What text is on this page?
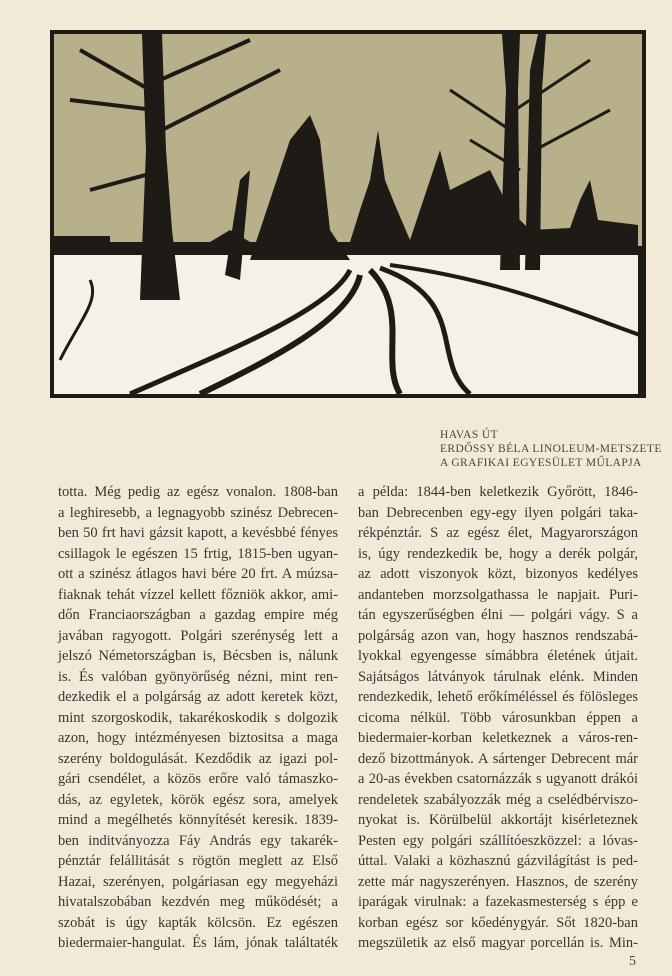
HAVAS ÚT
ERDŐSSY BÉLA LINOLEUM-METSZETE
A GRAFIKAI EGYESÜLET MŰLAPJA
totta. Még pedig az egész vonalon. 1808-ban
a leghiresebb, a legnagyobb szinész Debrecen-
ben 50 frt havi gázsit kapott, a kevésbbé fényes
csillagok le egészen 15 frtig, 1815-ben ugyan-
ott a szinész átlagos havi bére 20 frt. A múzsa-
fiaknak tehát vízzel kellett főzniök akkor, ami-
dőn Franciaországban a gazdag empire még
javában ragyogott. Polgári szerénység lett a
jelszó Németországban is, Bécsben is, nálunk
is. És valóban gyönyörűség nézni, mint ren-
dezkedik el a polgárság az adott keretek közt,
mint szorgoskodik, takarékoskodik s dolgozik
azon, hogy intézményesen biztositsa a maga
szerény boldogulását. Kezdődik az igazi pol-
gári csendélet, a közös erőre való támaszko-
dás, az egyletek, körök egész sora, amelyek
mind a megélhetés könnyítését keresik. 1839-
ben inditványozza Fáy András egy takarék-
pénztár felállitását s rögtön meglett az Első
Hazai, szerényen, polgáriasan egy megyeházi
hivatalszobában kezdvén meg működését; a
szobát is úgy kapták kölcsön. Ez egészen
biedermaier-hangulat. És lám, jónak találtaték
a példa: 1844-ben keletkezik Győrött, 1846-
ban Debrecenben egy-egy ilyen polgári taka-
rékpénztár. S az egész élet, Magyarországon
is, úgy rendezkedik be, hogy a derék polgár,
az adott viszonyok közt, bizonyos kedélyes
andanteben morzsolgathassa le napjait. Puri-
tán egyszerűségben élni — polgári vágy. S a
polgárság azon van, hogy hasznos rendszabá-
lyokkal egyengesse símábbra életének útjait.
Sajátságos látványok tárulnak elénk. Minden
rendezkedik, lehető erőkíméléssel és fölösleges
cicoma nélkül. Több városunkban éppen a
biedermaier-korban keletkeznek a város-ren-
dező bizottmányok. A sártenger Debrecent már
a 20-as években csatornázzák s ugyanott drákói
rendeletek szabályozzák még a cselédbérviszo-
nyokat is. Körülbelül akkortájt kisérleteznek
Pesten egy polgári szállítóeszközzel: a lóvas-
úttal. Valaki a közhasznú gázvilágítást is ped-
zette már nagyszerényen. Hasznos, de szerény
iparágak virulnak: a fazekasmesterség s épp e
korban egész sor kőedénygyár. Sőt 1820-ban
megszületik az első magyar porcellán is. Min-
5
